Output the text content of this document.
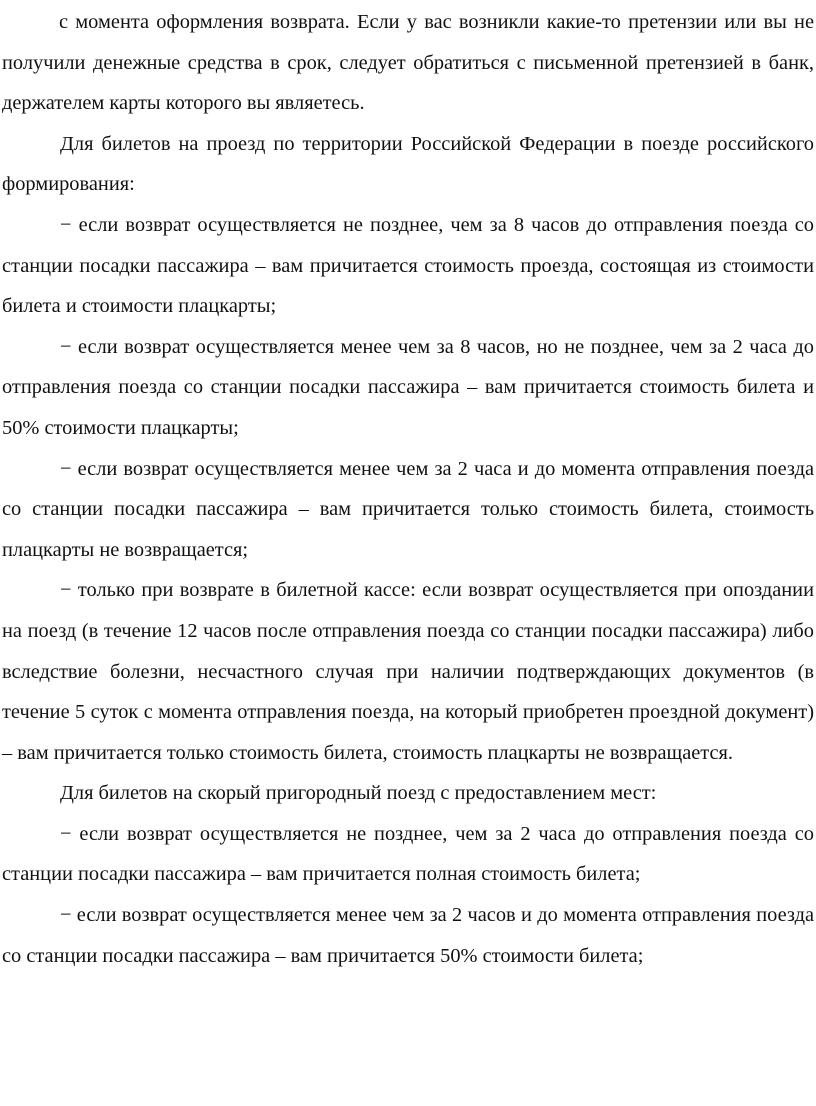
с момента оформления возврата. Если у вас возникли какие-то претензии или вы не получили денежные средства в срок, следует обратиться с письменной претензией в банк, держателем карты которого вы являетесь.

Для билетов на проезд по территории Российской Федерации в поезде российского формирования:

− если возврат осуществляется не позднее, чем за 8 часов до отправления поезда со станции посадки пассажира – вам причитается стоимость проезда, состоящая из стоимости билета и стоимости плацкарты;

− если возврат осуществляется менее чем за 8 часов, но не позднее, чем за 2 часа до отправления поезда со станции посадки пассажира – вам причитается стоимость билета и 50% стоимости плацкарты;

− если возврат осуществляется менее чем за 2 часа и до момента отправления поезда со станции посадки пассажира – вам причитается только стоимость билета, стоимость плацкарты не возвращается;

− только при возврате в билетной кассе: если возврат осуществляется при опоздании на поезд (в течение 12 часов после отправления поезда со станции посадки пассажира) либо вследствие болезни, несчастного случая при наличии подтверждающих документов (в течение 5 суток с момента отправления поезда, на который приобретен проездной документ) – вам причитается только стоимость билета, стоимость плацкарты не возвращается.

Для билетов на скорый пригородный поезд с предоставлением мест:

− если возврат осуществляется не позднее, чем за 2 часа до отправления поезда со станции посадки пассажира – вам причитается полная стоимость билета;

− если возврат осуществляется менее чем за 2 часов и до момента отправления поезда со станции посадки пассажира – вам причитается 50% стоимости билета;
